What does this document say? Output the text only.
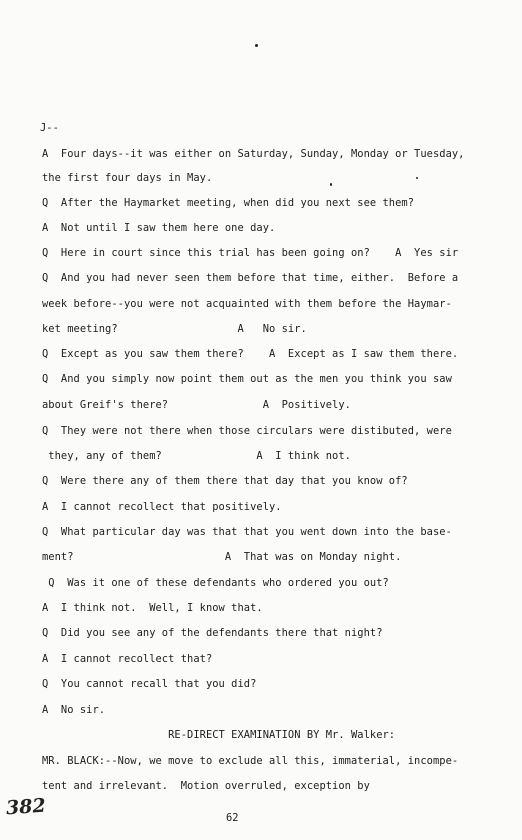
J--
A  Four days--it was either on Saturday, Sunday, Monday or Tuesday,
the first four days in May.
Q  After the Haymarket meeting, when did you next see them?
A  Not until I saw them here one day.
Q  Here in court since this trial has been going on?    A  Yes sir
Q  And you had never seen them before that time, either.  Before a
week before--you were not acquainted with them before the Haymar-
ket meeting?                   A   No sir.
Q  Except as you saw them there?    A  Except as I saw them there.
Q  And you simply now point them out as the men you think you saw
about Greif's there?               A  Positively.
Q  They were not there when those circulars were distibuted, were
they, any of them?               A  I think not.
Q  Were there any of them there that day that you know of?
A  I cannot recollect that positively.
Q  What particular day was that that you went down into the base-
ment?                        A  That was on Monday night.
Q  Was it one of these defendants who ordered you out?
A  I think not.  Well, I know that.
Q  Did you see any of the defendants there that night?
A  I cannot recollect that?
Q  You cannot recall that you did?
A  No sir.
RE-DIRECT EXAMINATION BY Mr. Walker:
MR. BLACK:--Now, we move to exclude all this, immaterial, incompe-
tent and irrelevant.  Motion overruled, exception by
382	62
